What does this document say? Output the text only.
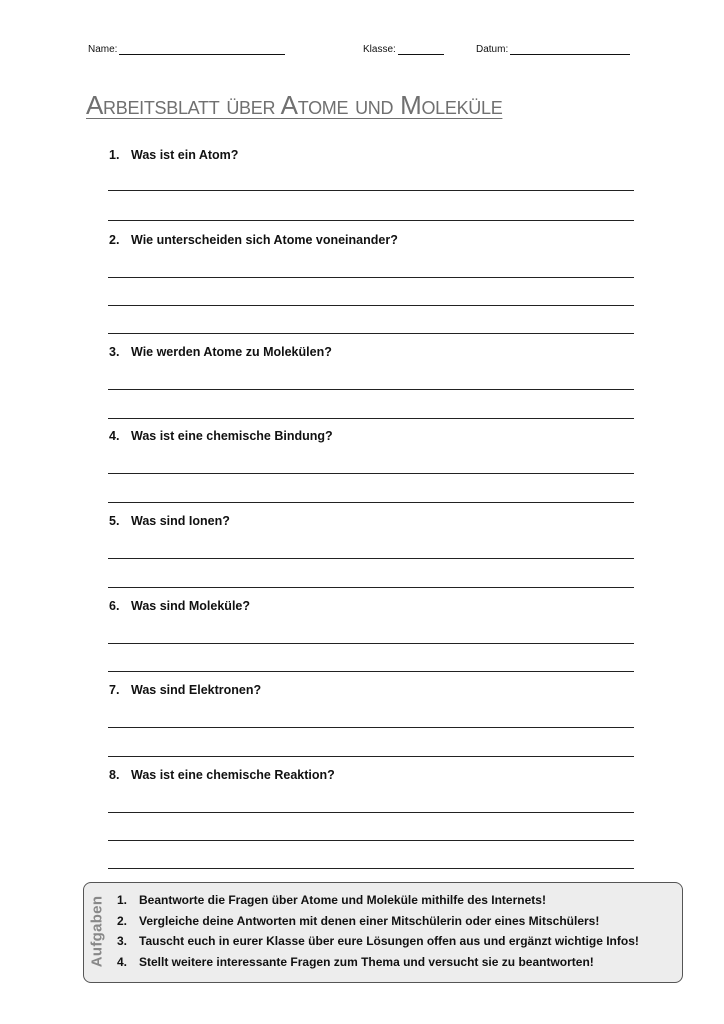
Name:	Klasse:	Datum:
Arbeitsblatt über Atome und Moleküle
1. Was ist ein Atom?
2. Wie unterscheiden sich Atome voneinander?
3. Wie werden Atome zu Molekülen?
4. Was ist eine chemische Bindung?
5. Was sind Ionen?
6. Was sind Moleküle?
7. Was sind Elektronen?
8. Was ist eine chemische Reaktion?
Aufgaben 1. Beantworte die Fragen über Atome und Moleküle mithilfe des Internets!
2. Vergleiche deine Antworten mit denen einer Mitschülerin oder eines Mitschülers!
3. Tauscht euch in eurer Klasse über eure Lösungen offen aus und ergänzt wichtige Infos!
4. Stellt weitere interessante Fragen zum Thema und versucht sie zu beantworten!
